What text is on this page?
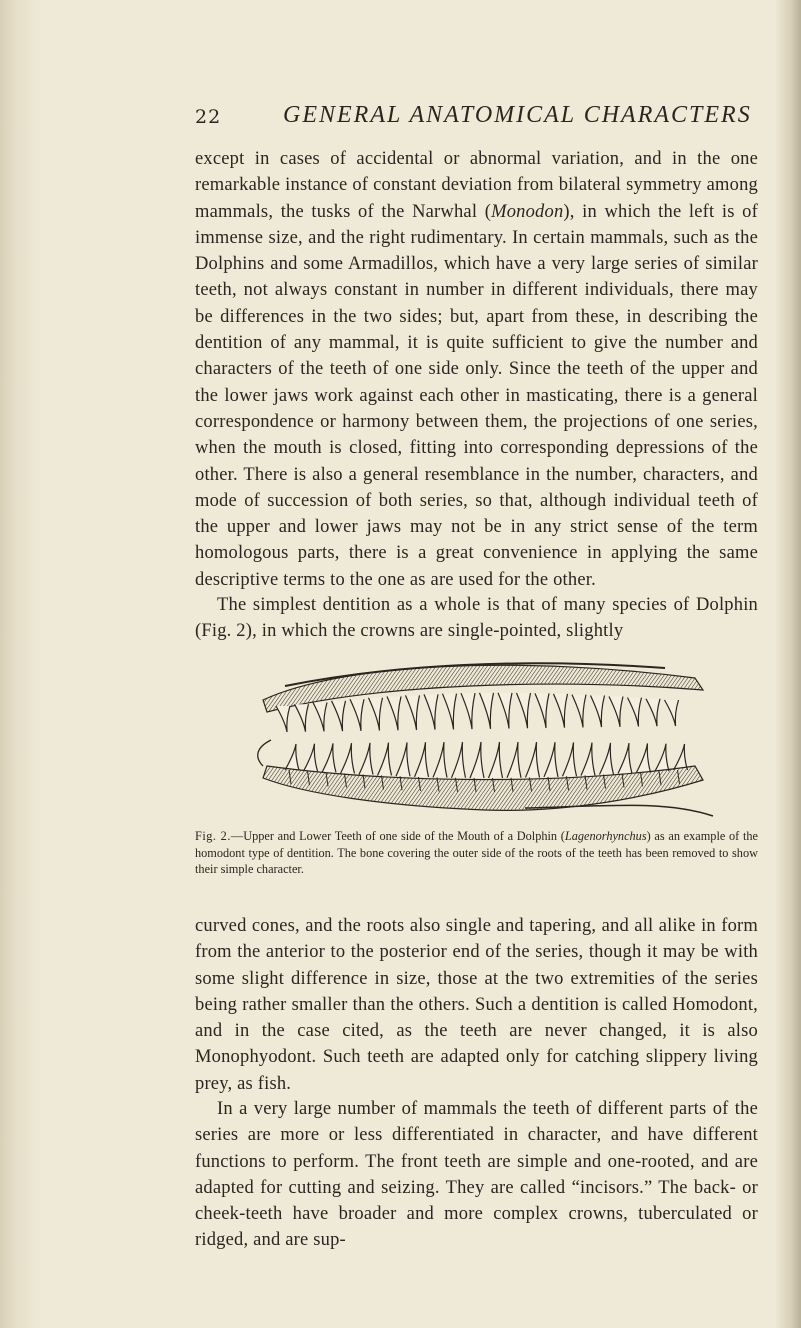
22	GENERAL ANATOMICAL CHARACTERS

except in cases of accidental or abnormal variation, and in the one remarkable instance of constant deviation from bilateral symmetry among mammals, the tusks of the Narwhal (Monodon), in which the left is of immense size, and the right rudimentary. In certain mammals, such as the Dolphins and some Armadillos, which have a very large series of similar teeth, not always constant in number in different individuals, there may be differences in the two sides; but, apart from these, in describing the dentition of any mammal, it is quite sufficient to give the number and characters of the teeth of one side only. Since the teeth of the upper and the lower jaws work against each other in masticating, there is a general correspondence or harmony between them, the projections of one series, when the mouth is closed, fitting into corresponding depressions of the other. There is also a general resemblance in the number, characters, and mode of succession of both series, so that, although individual teeth of the upper and lower jaws may not be in any strict sense of the term homologous parts, there is a great convenience in applying the same descriptive terms to the one as are used for the other.

The simplest dentition as a whole is that of many species of Dolphin (Fig. 2), in which the crowns are single-pointed, slightly

Fig. 2.—Upper and Lower Teeth of one side of the Mouth of a Dolphin (Lagenorhynchus) as an example of the homodont type of dentition. The bone covering the outer side of the roots of the teeth has been removed to show their simple character.

curved cones, and the roots also single and tapering, and all alike in form from the anterior to the posterior end of the series, though it may be with some slight difference in size, those at the two extremities of the series being rather smaller than the others. Such a dentition is called Homodont, and in the case cited, as the teeth are never changed, it is also Monophyodont. Such teeth are adapted only for catching slippery living prey, as fish.

In a very large number of mammals the teeth of different parts of the series are more or less differentiated in character, and have different functions to perform. The front teeth are simple and one-rooted, and are adapted for cutting and seizing. They are called “incisors.” The back- or cheek-teeth have broader and more complex crowns, tuberculated or ridged, and are sup-
